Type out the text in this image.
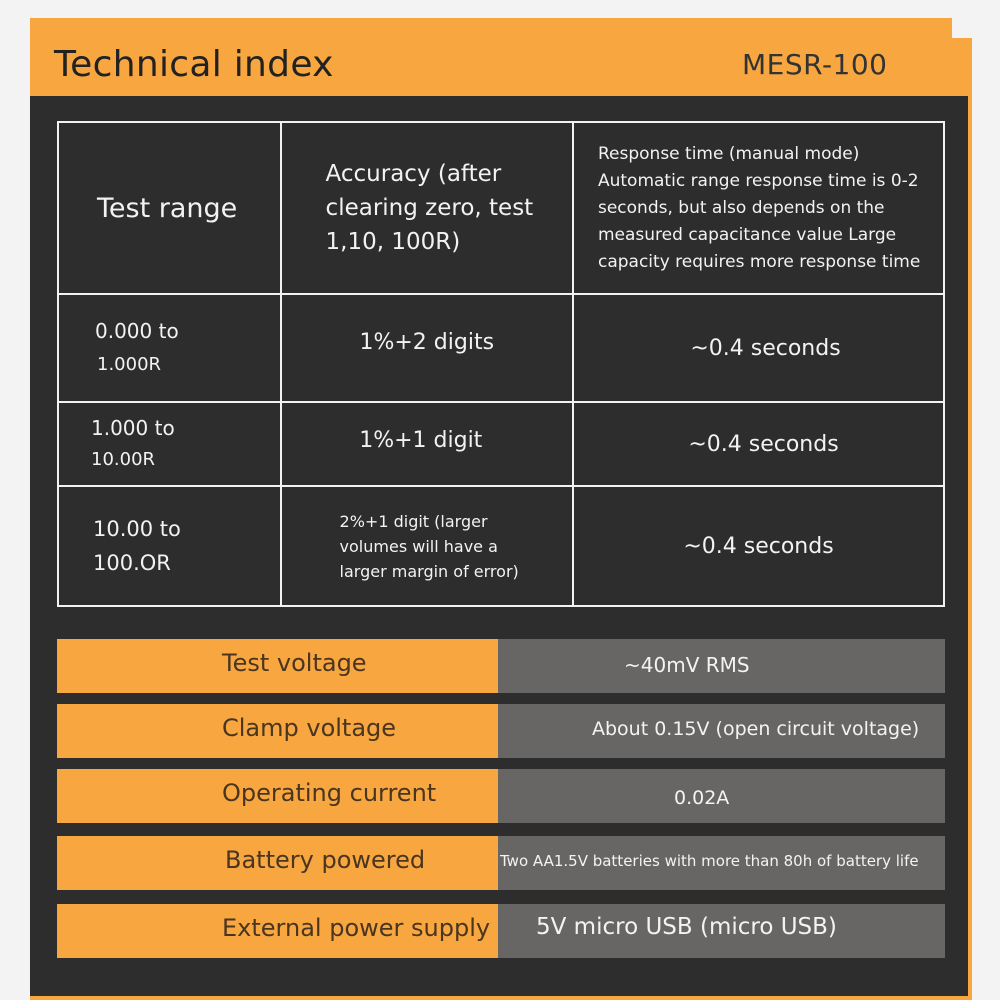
Technical index	MESR-100
Test range	Accuracy (after clearing zero, test 1,10, 100R)	Response time (manual mode) Automatic range response time is 0-2 seconds, but also depends on the measured capacitance value Large capacity requires more response time

0.000 to
1.000R	1%+2 digits	~0.4 seconds

1.000 to
10.00R	1%+1 digit	~0.4 seconds

10.00 to
100.OR	2%+1 digit (larger volumes will have a larger margin of error)	~0.4 seconds
Test voltage	~40mV RMS
Clamp voltage	About 0.15V (open circuit voltage)
Operating current	0.02A
Battery powered	Two AA1.5V batteries with more than 80h of battery life
External power supply	5V micro USB (micro USB)
